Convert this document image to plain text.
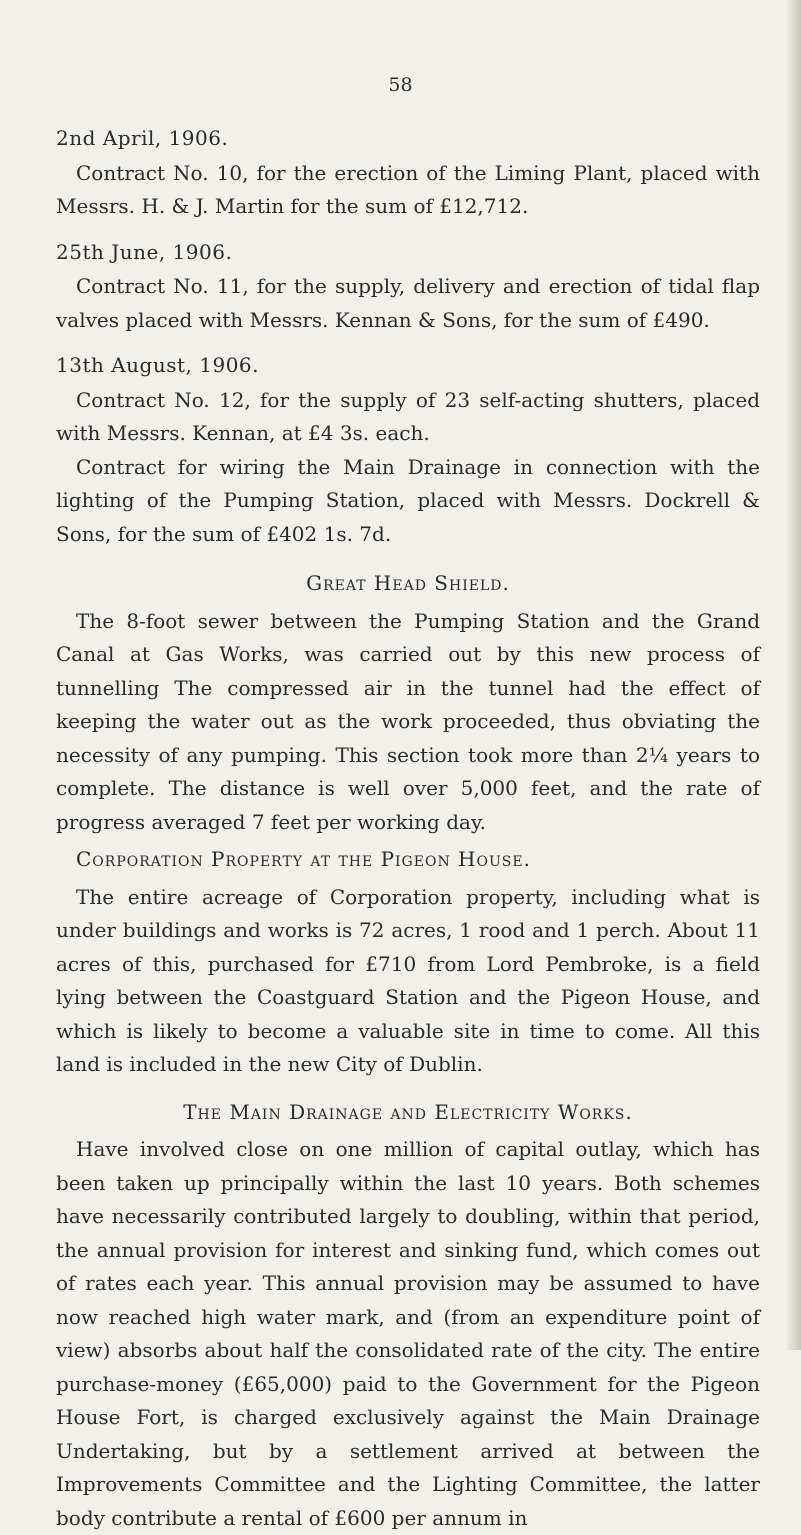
58
2nd April, 1906.

Contract No. 10, for the erection of the Liming Plant, placed with Messrs. H. & J. Martin for the sum of £12,712.

25th June, 1906.

Contract No. 11, for the supply, delivery and erection of tidal flap valves placed with Messrs. Kennan & Sons, for the sum of £490.

13th August, 1906.

Contract No. 12, for the supply of 23 self-acting shutters, placed with Messrs. Kennan, at £4 3s. each.

Contract for wiring the Main Drainage in connection with the lighting of the Pumping Station, placed with Messrs. Dockrell & Sons, for the sum of £402 1s. 7d.

Great Head Shield.

The 8-foot sewer between the Pumping Station and the Grand Canal at Gas Works, was carried out by this new process of tunnelling The compressed air in the tunnel had the effect of keeping the water out as the work proceeded, thus obviating the necessity of any pumping. This section took more than 2¼ years to complete. The distance is well over 5,000 feet, and the rate of progress averaged 7 feet per working day.

Corporation Property at the Pigeon House.

The entire acreage of Corporation property, including what is under buildings and works is 72 acres, 1 rood and 1 perch. About 11 acres of this, purchased for £710 from Lord Pembroke, is a field lying between the Coastguard Station and the Pigeon House, and which is likely to become a valuable site in time to come. All this land is included in the new City of Dublin.

The Main Drainage and Electricity Works.

Have involved close on one million of capital outlay, which has been taken up principally within the last 10 years. Both schemes have necessarily contributed largely to doubling, within that period, the annual provision for interest and sinking fund, which comes out of rates each year. This annual provision may be assumed to have now reached high water mark, and (from an expenditure point of view) absorbs about half the consolidated rate of the city. The entire purchase-money (£65,000) paid to the Government for the Pigeon House Fort, is charged exclusively against the Main Drainage Undertaking, but by a settlement arrived at between the Improvements Committee and the Lighting Committee, the latter body contribute a rental of £600 per annum in
